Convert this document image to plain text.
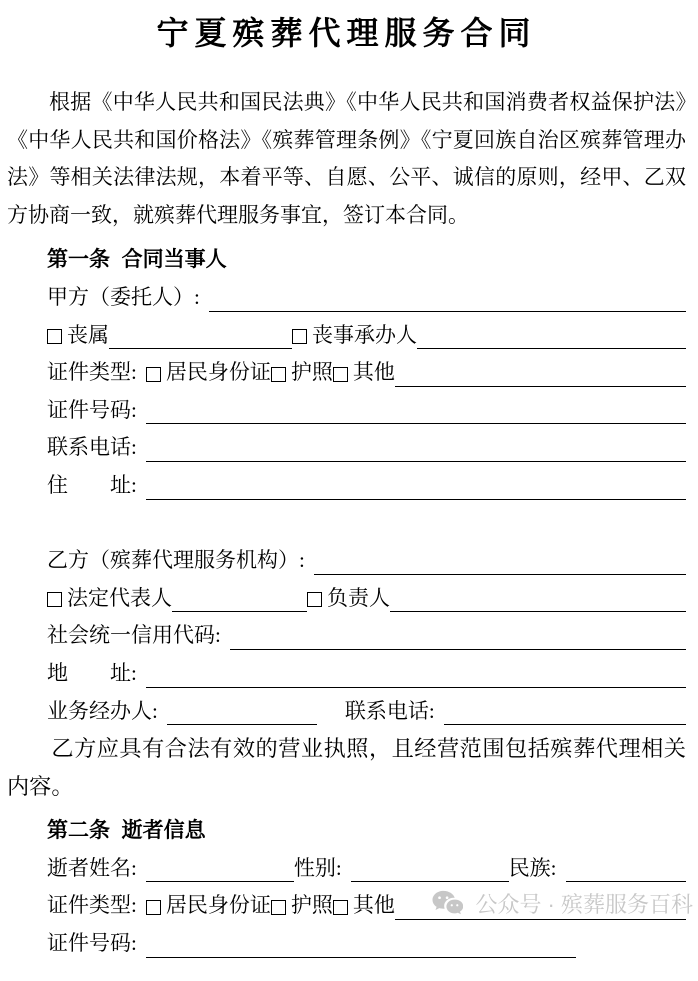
宁夏殡葬代理服务合同

根据《中华人民共和国民法典》《中华人民共和国消费者权益保护法》《中华人民共和国价格法》《殡葬管理条例》《宁夏回族自治区殡葬管理办法》等相关法律法规，本着平等、自愿、公平、诚信的原则，经甲、乙双方协商一致，就殡葬代理服务事宜，签订本合同。

第一条  合同当事人
甲方（委托人）:
丧属	丧事承办人
证件类型:	居民身份证 护照 其他
证件号码:
联系电话:
住　　址:
乙方（殡葬代理服务机构）:
法定代表人	负责人
社会统一信用代码:
地　　址:
业务经办人:	联系电话:

乙方应具有合法有效的营业执照，且经营范围包括殡葬代理相关内容。

第二条  逝者信息
逝者姓名:	性别:	民族:
证件类型:	居民身份证 护照 其他
证件号码:

公众号 · 殡葬服务百科
